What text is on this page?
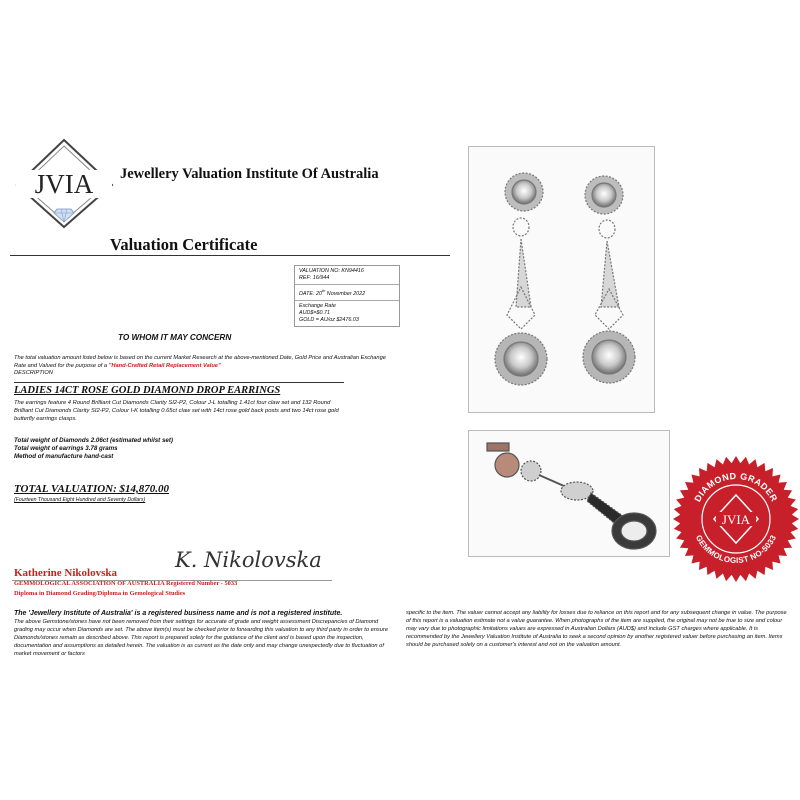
JVIA Jewellery Valuation Institute Of Australia
Valuation Certificate
VALUATION NO: KN94416
REF: 16/944
DATE: 20th November 2022
Exchange Rate
AUD$=$0.71
GOLD = AU/oz $2476.03
TO WHOM IT MAY CONCERN
The total valuation amount listed below is based on the current Market Research at the above-mentioned Date, Gold Price and Australian Exchange Rate and Valued for the purpose of a "Hand-Crafted Retail Replacement Value"
DESCRIPTION
LADIES 14CT ROSE GOLD DIAMOND DROP EARRINGS
The earrings feature 4 Round Brilliant Cut Diamonds Clarity SI2-P2, Colour J-L totalling 1.41ct four claw set and 132 Round Brilliant Cut Diamonds Clarity SI2-P2, Colour I-K totalling 0.65ct claw set with 14ct rose gold back posts and two 14ct rose gold butterfly earrings clasps.
Total weight of Diamonds 2.06ct (estimated whilst set)
Total weight of earrings 3.78 grams
Method of manufacture hand-cast
TOTAL VALUATION: $14,870.00
(Fourteen Thousand Eight Hundred and Seventy Dollars)
Katherine Nikolovska
K. Nikolovska
GEMMOLOGICAL ASSOCIATION OF AUSTRALIA Registered Number - 5033
Diploma in Diamond Grading/Diploma in Gemological Studies
The 'Jewellery Institute of Australia' is a registered business name and is not a registered institute.
The above Gemstone/stones have not been removed from their settings for accurate of grade and weight assessment Discrepancies of Diamond grading may occur when Diamonds are set. The above item(s) must be checked prior to forwarding this valuation to any third party in order to ensure Diamonds/stones remain as described above. This report is prepared solely for the guidance of the client and is based upon the inspection, documentation and assumptions as detailed herein. The valuation is as current as the date only and may change unexpectedly due to fluctuation of market movement or factors
specific to the item. The valuer cannot accept any liability for losses due to reliance on this report and for any subsequent change in value. The purpose of this report is a valuation estimate not a value guarantee. When photographs of the item are supplied, the original may not be true to size and colour may vary due to photographic limitations values are expressed in Australian Dollars (AUD$) and include GST charges where applicable. It is recommended by the Jewellery Valuation Institute of Australia to seek a second opinion by another registered valuer before purchasing an item. Items should be purchased solely on a customer's interest and not on the valuation amount.
DIAMOND GRADER
GEMMOLOGIST NO-5033
JVIA
